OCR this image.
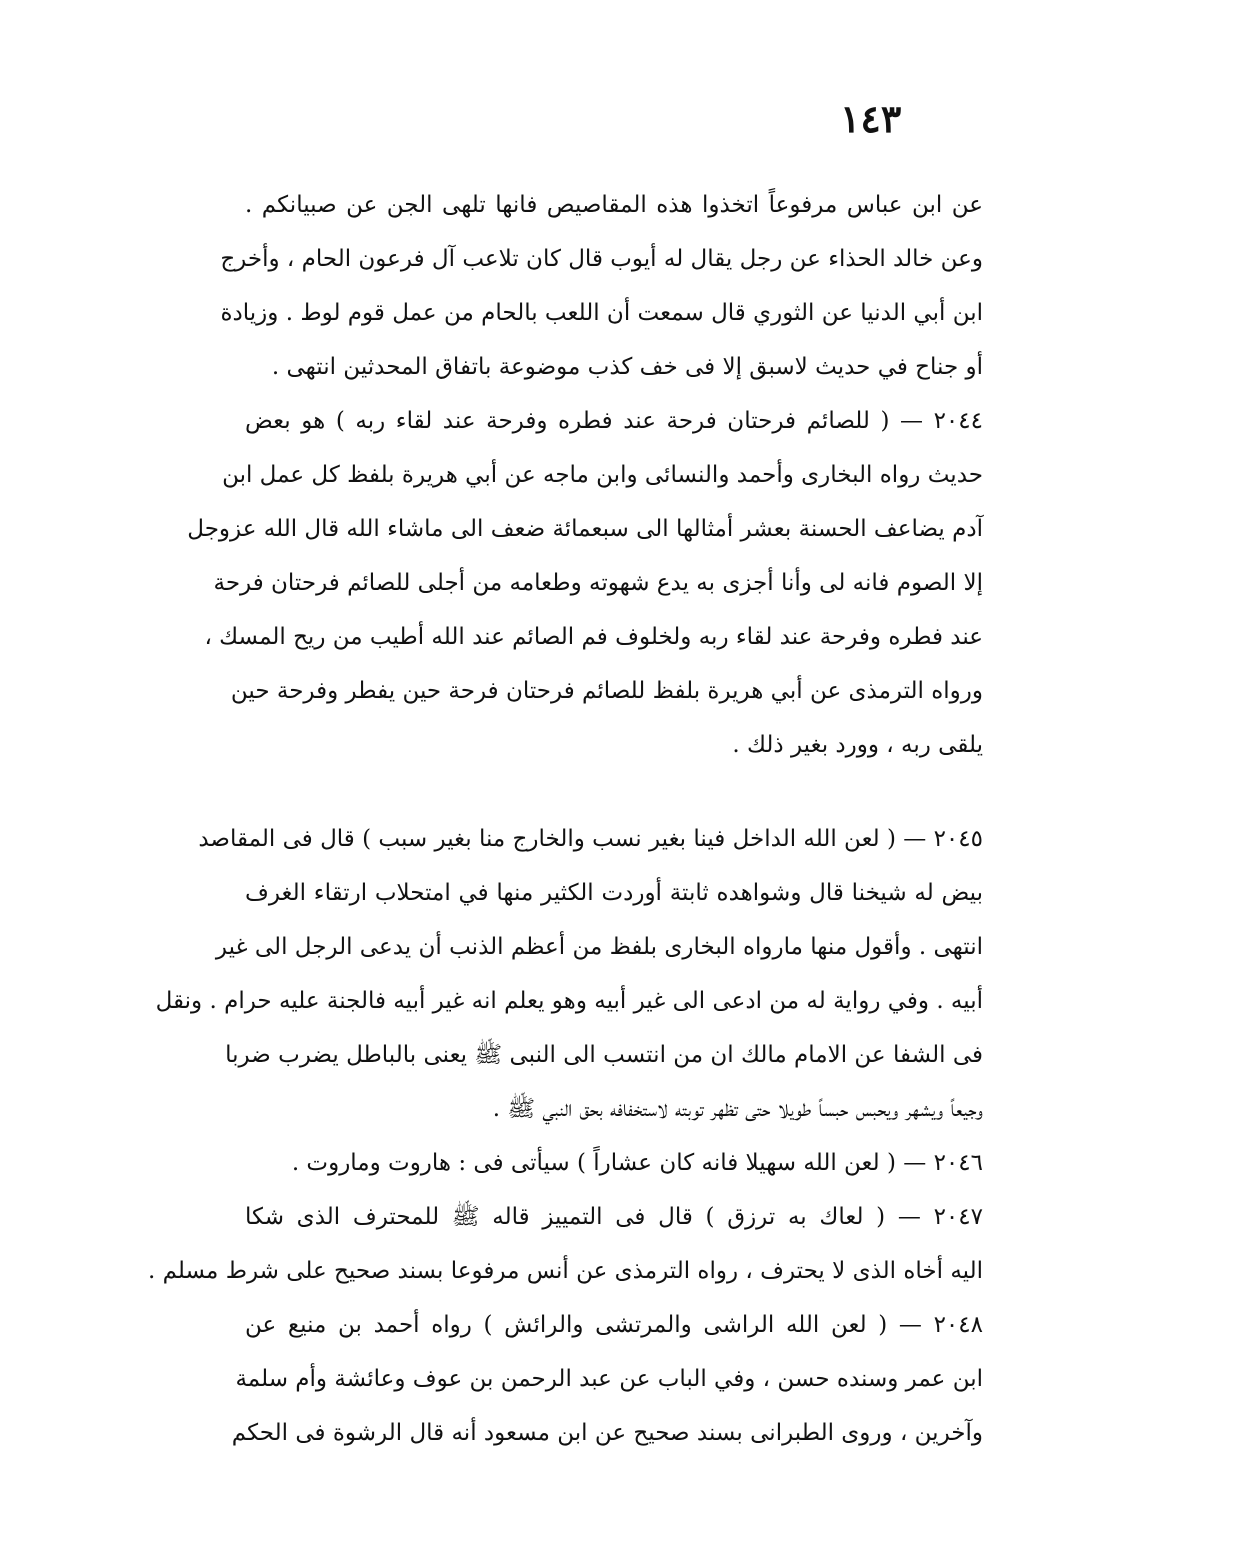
١٤٣
عن ابن عباس مرفوعاً اتخذوا هذه المقاصيص فانها تلهى الجن عن صبيانكم .
وعن خالد الحذاء عن رجل يقال له أيوب قال كان تلاعب آل فرعون الحام ، وأخرج
ابن أبي الدنيا عن الثوري قال سمعت أن اللعب بالحام من عمل قوم لوط . وزيادة
أو جناح في حديث لاسبق إلا فى خف كذب موضوعة باتفاق المحدثين انتهى .
٢٠٤٤ — ( للصائم فرحتان فرحة عند فطره وفرحة عند لقاء ربه ) هو بعض
حديث رواه البخارى وأحمد والنسائى وابن ماجه عن أبي هريرة بلفظ كل عمل ابن
آدم يضاعف الحسنة بعشر أمثالها الى سبعمائة ضعف الى ماشاء الله قال الله عزوجل
إلا الصوم فانه لى وأنا أجزى به يدع شهوته وطعامه من أجلى للصائم فرحتان فرحة
عند فطره وفرحة عند لقاء ربه ولخلوف فم الصائم عند الله أطيب من ريح المسك ،
ورواه الترمذى عن أبي هريرة بلفظ للصائم فرحتان فرحة حين يفطر وفرحة حين
يلقى ربه ، وورد بغير ذلك .
٢٠٤٥ — ( لعن الله الداخل فينا بغير نسب والخارج منا بغير سبب ) قال فى المقاصد
بيض له شيخنا قال وشواهده ثابتة أوردت الكثير منها في امتحلاب ارتقاء الغرف
انتهى . وأقول منها مارواه البخارى بلفظ من أعظم الذنب أن يدعى الرجل الى غير
أبيه . وفي رواية له من ادعى الى غير أبيه وهو يعلم انه غير أبيه فالجنة عليه حرام . ونقل
فى الشفا عن الامام مالك ان من انتسب الى النبى ﷺ يعنى بالباطل يضرب ضربا
وجيعاً ويشهر ويحبس حبساً طويلا حتى تظهر توبته لاستخفافه بحق النبي ﷺ .
٢٠٤٦ — ( لعن الله سهيلا فانه كان عشاراً ) سيأتى فى : هاروت وماروت .
٢٠٤٧ — ( لعاك به ترزق ) قال فى التمييز قاله ﷺ للمحترف الذى شكا
اليه أخاه الذى لا يحترف ، رواه الترمذى عن أنس مرفوعا بسند صحيح على شرط مسلم .
٢٠٤٨ — ( لعن الله الراشى والمرتشى والرائش ) رواه أحمد بن منيع عن
ابن عمر وسنده حسن ، وفي الباب عن عبد الرحمن بن عوف وعائشة وأم سلمة
وآخرين ، وروى الطبرانى بسند صحيح عن ابن مسعود أنه قال الرشوة فى الحكم
